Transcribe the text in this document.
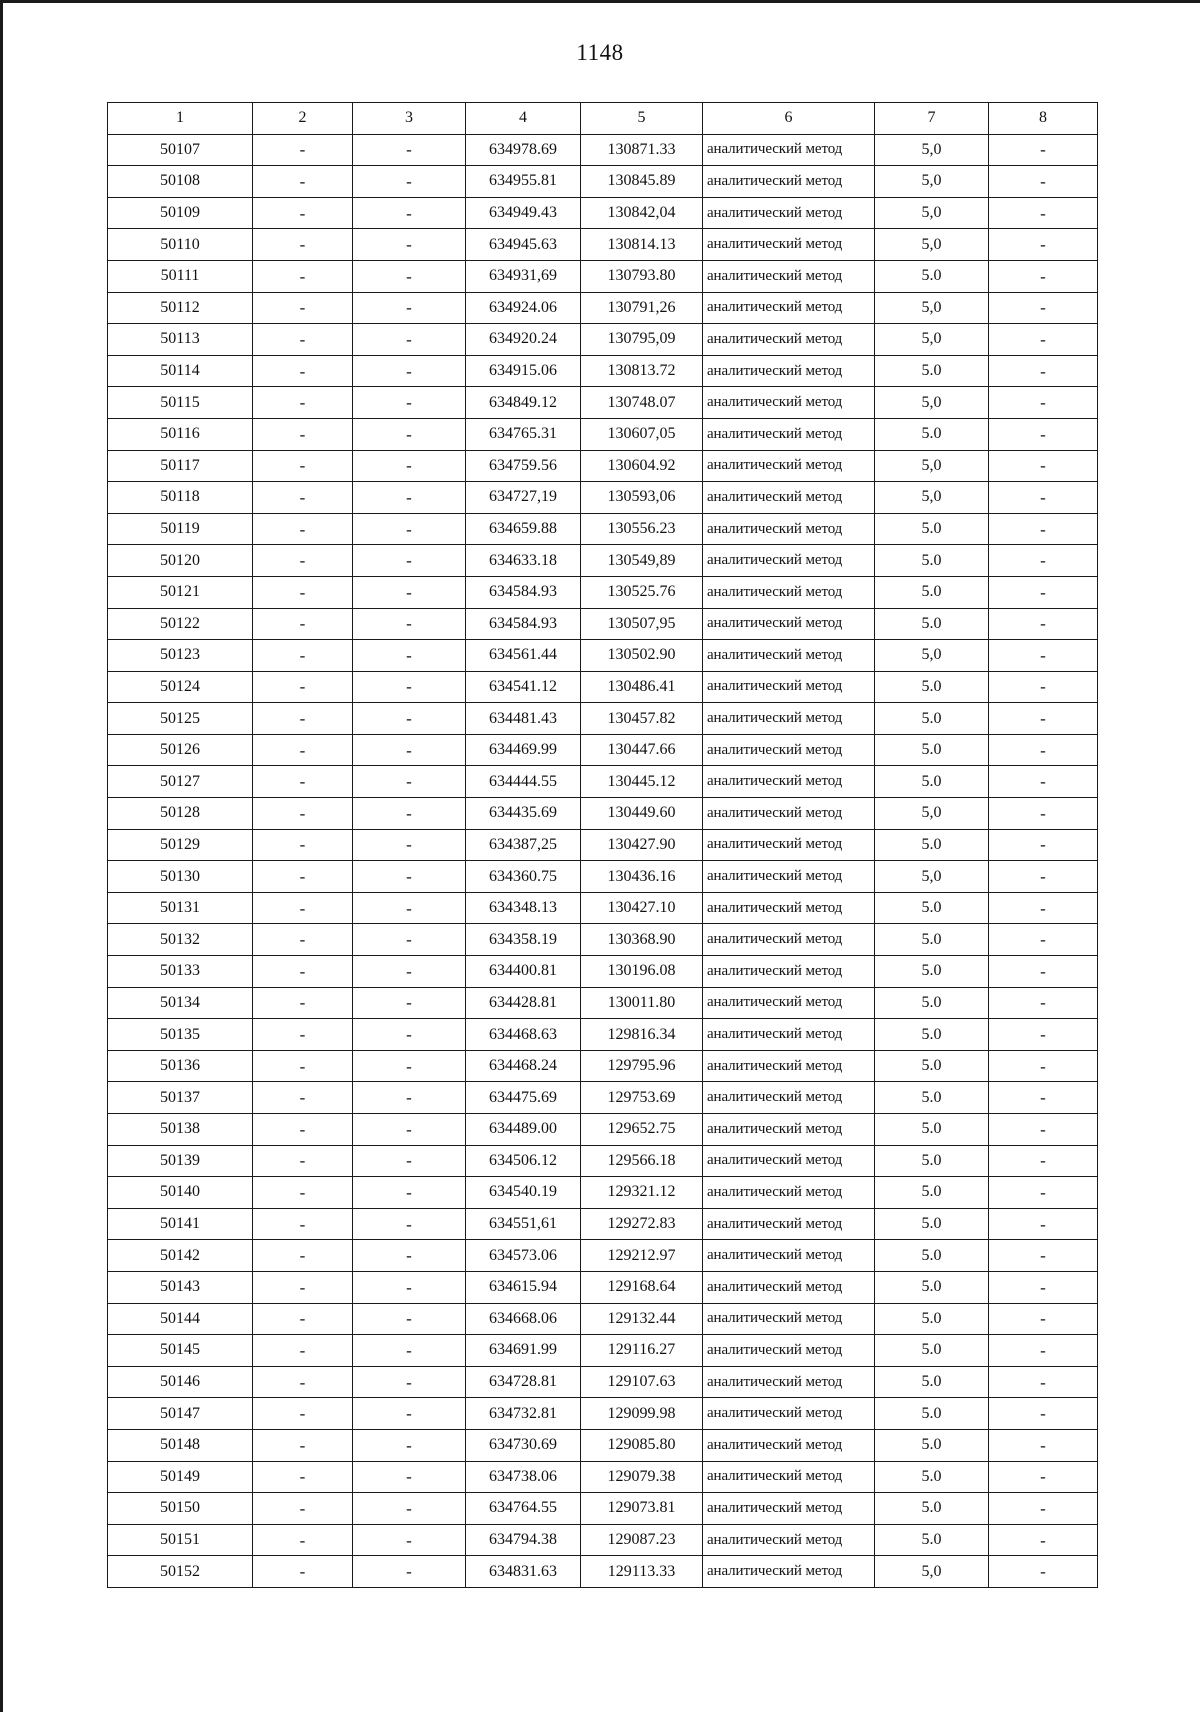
1148
1	2	3	4	5	6	7	8
50107	-	-	634978.69	130871.33	аналитический метод	5,0	-
50108	-	-	634955.81	130845.89	аналитический метод	5,0	-
50109	-	-	634949.43	130842,04	аналитический метод	5,0	-
50110	-	-	634945.63	130814.13	аналитический метод	5,0	-
50111	-	-	634931,69	130793.80	аналитический метод	5.0	-
50112	-	-	634924.06	130791,26	аналитический метод	5,0	-
50113	-	-	634920.24	130795,09	аналитический метод	5,0	-
50114	-	-	634915.06	130813.72	аналитический метод	5.0	-
50115	-	-	634849.12	130748.07	аналитический метод	5,0	-
50116	-	-	634765.31	130607,05	аналитический метод	5.0	-
50117	-	-	634759.56	130604.92	аналитический метод	5,0	-
50118	-	-	634727,19	130593,06	аналитический метод	5,0	-
50119	-	-	634659.88	130556.23	аналитический метод	5.0	-
50120	-	-	634633.18	130549,89	аналитический метод	5.0	-
50121	-	-	634584.93	130525.76	аналитический метод	5.0	-
50122	-	-	634584.93	130507,95	аналитический метод	5.0	-
50123	-	-	634561.44	130502.90	аналитический метод	5,0	-
50124	-	-	634541.12	130486.41	аналитический метод	5.0	-
50125	-	-	634481.43	130457.82	аналитический метод	5.0	-
50126	-	-	634469.99	130447.66	аналитический метод	5.0	-
50127	-	-	634444.55	130445.12	аналитический метод	5.0	-
50128	-	-	634435.69	130449.60	аналитический метод	5,0	-
50129	-	-	634387,25	130427.90	аналитический метод	5.0	-
50130	-	-	634360.75	130436.16	аналитический метод	5,0	-
50131	-	-	634348.13	130427.10	аналитический метод	5.0	-
50132	-	-	634358.19	130368.90	аналитический метод	5.0	-
50133	-	-	634400.81	130196.08	аналитический метод	5.0	-
50134	-	-	634428.81	130011.80	аналитический метод	5.0	-
50135	-	-	634468.63	129816.34	аналитический метод	5.0	-
50136	-	-	634468.24	129795.96	аналитический метод	5.0	-
50137	-	-	634475.69	129753.69	аналитический метод	5.0	-
50138	-	-	634489.00	129652.75	аналитический метод	5.0	-
50139	-	-	634506.12	129566.18	аналитический метод	5.0	-
50140	-	-	634540.19	129321.12	аналитический метод	5.0	-
50141	-	-	634551,61	129272.83	аналитический метод	5.0	-
50142	-	-	634573.06	129212.97	аналитический метод	5.0	-
50143	-	-	634615.94	129168.64	аналитический метод	5.0	-
50144	-	-	634668.06	129132.44	аналитический метод	5.0	-
50145	-	-	634691.99	129116.27	аналитический метод	5.0	-
50146	-	-	634728.81	129107.63	аналитический метод	5.0	-
50147	-	-	634732.81	129099.98	аналитический метод	5.0	-
50148	-	-	634730.69	129085.80	аналитический метод	5.0	-
50149	-	-	634738.06	129079.38	аналитический метод	5.0	-
50150	-	-	634764.55	129073.81	аналитический метод	5.0	-
50151	-	-	634794.38	129087.23	аналитический метод	5.0	-
50152	-	-	634831.63	129113.33	аналитический метод	5,0	-
